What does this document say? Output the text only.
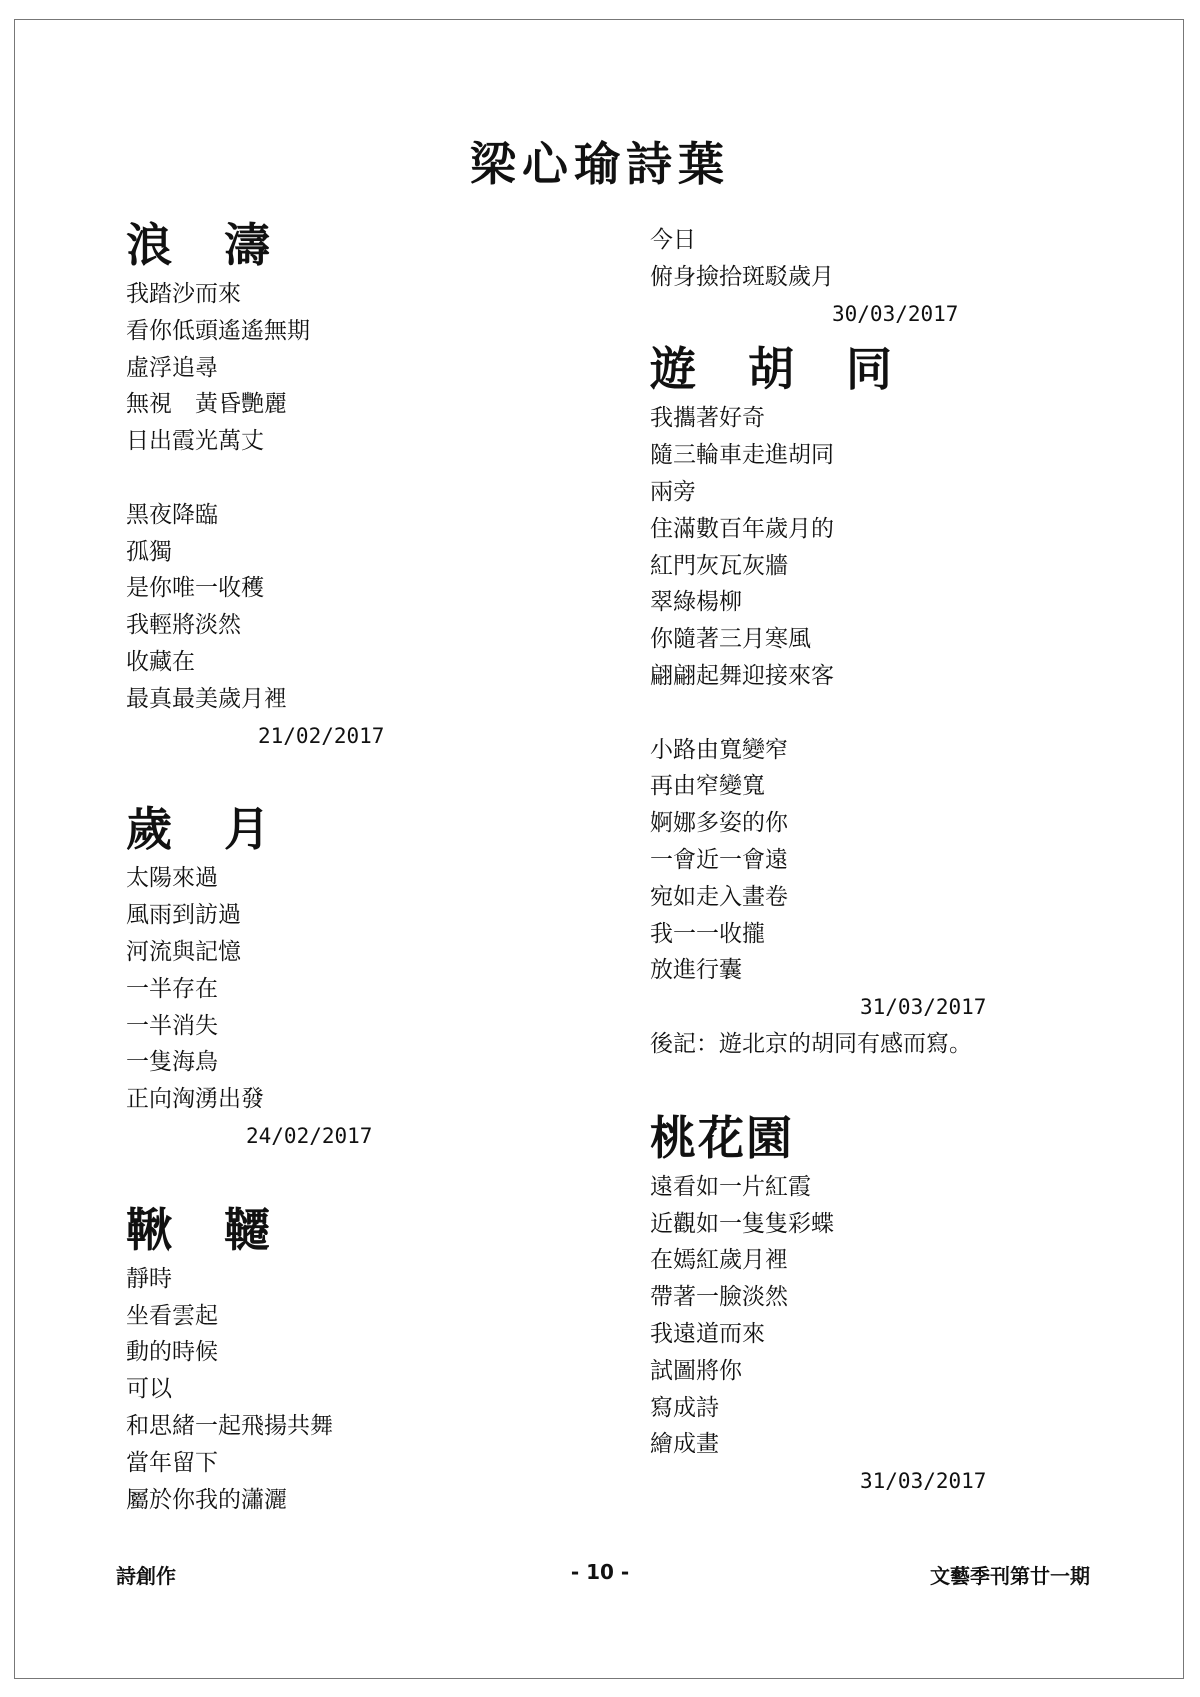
梁心瑜詩葉
浪 濤
我踏沙而來
看你低頭遙遙無期
虛浮追尋
無視　黃昏艷麗
日出霞光萬丈
黑夜降臨
孤獨
是你唯一收穫
我輕將淡然
收藏在
最真最美歲月裡
21/02/2017
歲 月
太陽來過
風雨到訪過
河流與記憶
一半存在
一半消失
一隻海鳥
正向洶湧出發
24/02/2017
鞦 韆
靜時
坐看雲起
動的時候
可以
和思緒一起飛揚共舞
當年留下
屬於你我的瀟灑
今日
俯身撿拾斑駁歲月
30/03/2017
遊 胡 同
我攜著好奇
隨三輪車走進胡同
兩旁
住滿數百年歲月的
紅門灰瓦灰牆
翠綠楊柳
你隨著三月寒風
翩翩起舞迎接來客
小路由寬變窄
再由窄變寬
婀娜多姿的你
一會近一會遠
宛如走入畫卷
我一一收攏
放進行囊
31/03/2017
後記：遊北京的胡同有感而寫。
桃花園
遠看如一片紅霞
近觀如一隻隻彩蝶
在嫣紅歲月裡
帶著一臉淡然
我遠道而來
試圖將你
寫成詩
繪成畫
31/03/2017
詩創作	- 10 -	文藝季刊第廿一期
